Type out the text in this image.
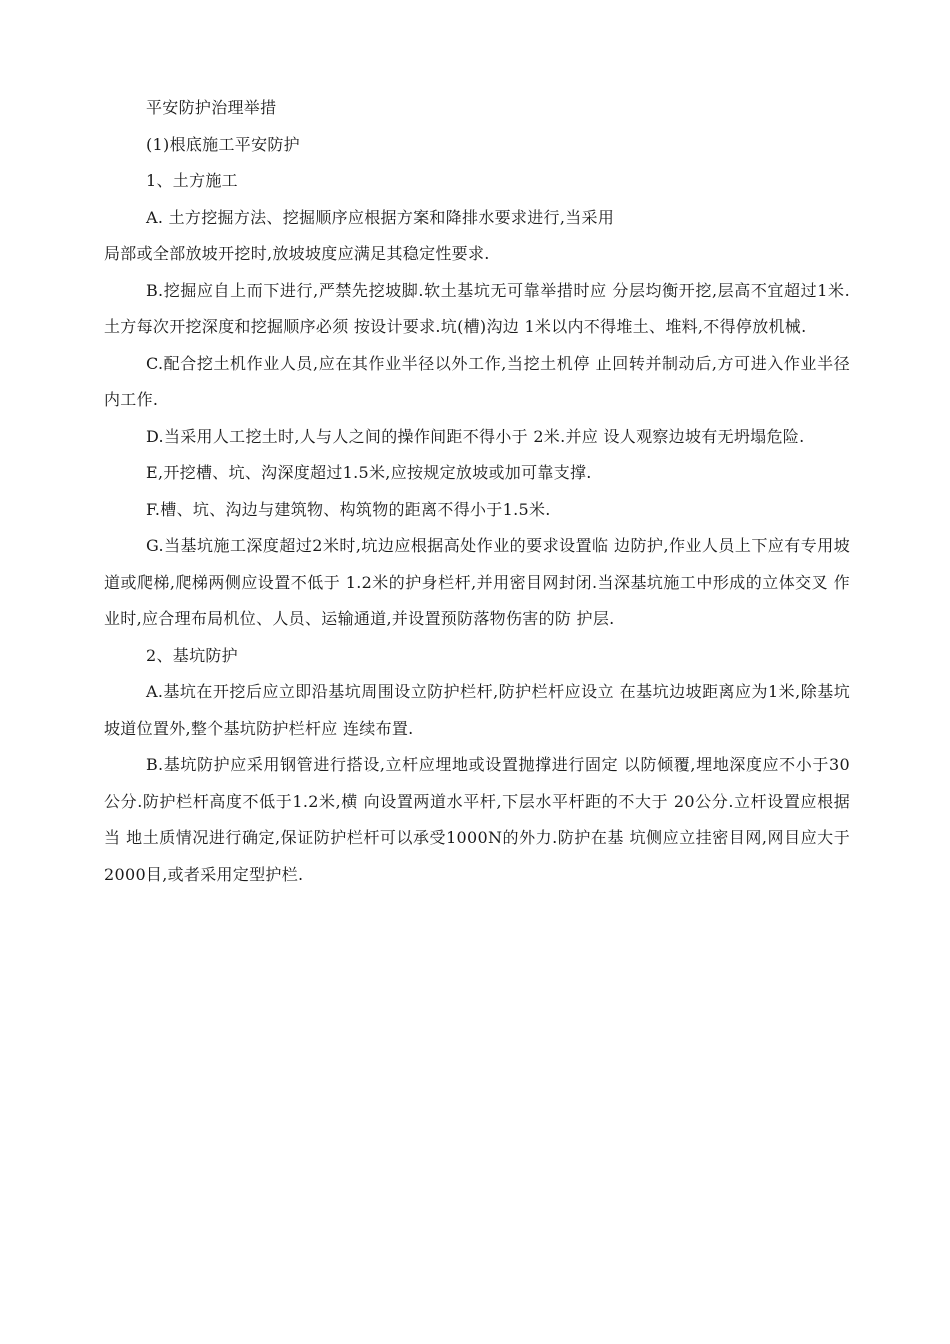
平安防护治理举措

(1)根底施工平安防护

1、土方施工

A. 土方挖掘方法、挖掘顺序应根据方案和降排水要求进行,当采用

局部或全部放坡开挖时,放坡坡度应满足其稳定性要求.

B.挖掘应自上而下进行,严禁先挖坡脚.软土基坑无可靠举措时应 分层均衡开挖,层高不宜超过1米.土方每次开挖深度和挖掘顺序必须 按设计要求.坑(槽)沟边 1米以内不得堆土、堆料,不得停放机械.

C.配合挖土机作业人员,应在其作业半径以外工作,当挖土机停 止回转并制动后,方可进入作业半径内工作.

D.当采用人工挖土时,人与人之间的操作间距不得小于 2米.并应 设人观察边坡有无坍塌危险.

E,开挖槽、坑、沟深度超过1.5米,应按规定放坡或加可靠支撑.

F.槽、坑、沟边与建筑物、构筑物的距离不得小于1.5米.

G.当基坑施工深度超过2米时,坑边应根据高处作业的要求设置临 边防护,作业人员上下应有专用坡道或爬梯,爬梯两侧应设置不低于 1.2米的护身栏杆,并用密目网封闭.当深基坑施工中形成的立体交叉 作业时,应合理布局机位、人员、运输通道,并设置预防落物伤害的防 护层.

2、基坑防护

A.基坑在开挖后应立即沿基坑周围设立防护栏杆,防护栏杆应设立 在基坑边坡距离应为1米,除基坑坡道位置外,整个基坑防护栏杆应 连续布置.

B.基坑防护应采用钢管进行搭设,立杆应埋地或设置抛撑进行固定 以防倾覆,埋地深度应不小于30公分.防护栏杆高度不低于1.2米,横 向设置两道水平杆,下层水平杆距的不大于 20公分.立杆设置应根据当 地土质情况进行确定,保证防护栏杆可以承受1000N的外力.防护在基 坑侧应立挂密目网,网目应大于2000目,或者采用定型护栏.
